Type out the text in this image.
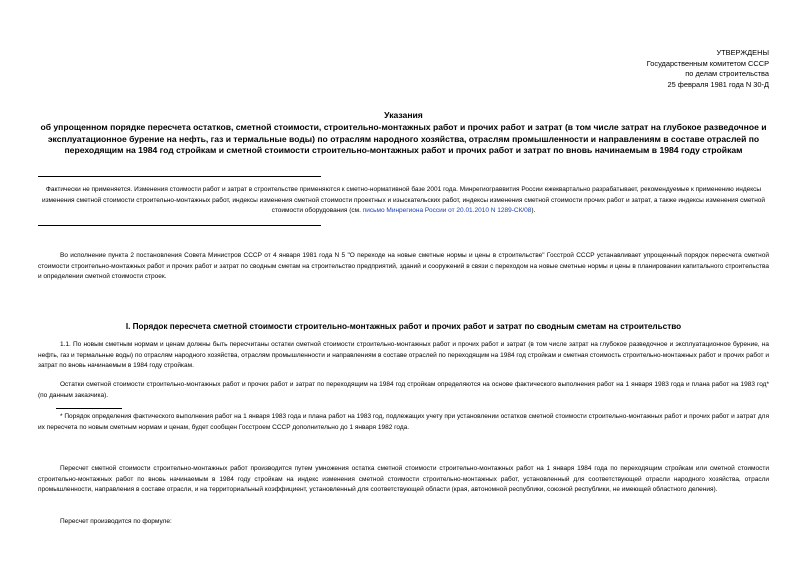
УТВЕРЖДЕНЫ
Государственным комитетом СССР
по делам строительства
25 февраля 1981 года N 30-Д
Указания
об упрощенном порядке пересчета остатков, сметной стоимости, строительно-монтажных работ и прочих работ и затрат (в том числе затрат на глубокое разведочное и эксплуатационное бурение на нефть, газ и термальные воды) по отраслям народного хозяйства, отраслям промышленности и направлениям в составе отраслей по переходящим на 1984 год стройкам и сметной стоимости строительно-монтажных работ и прочих работ и затрат по вновь начинаемым в 1984 году стройкам
Фактически не применяется. Изменения стоимости работ и затрат в строительстве применяются к сметно-нормативной базе 2001 года. Минрегиограввития России ежеквартально разрабатывает, рекомендуемые к применению индексы изменения сметной стоимости строительно-монтажных работ, индексы изменения сметной стоимости проектных и изыскательских работ, индексы изменения сметной стоимости прочих работ и затрат, а также индексы изменения сметной стоимости оборудования (см. письмо Минрегиона России от 20.01.2010 N 1289-СК/08).
Во исполнение пункта 2 постановления Совета Министров СССР от 4 января 1981 года N 5 "О переходе на новые сметные нормы и цены в строительстве" Госстрой СССР устанавливает упрощенный порядок пересчета сметной стоимости строительно-монтажных работ и прочих работ и затрат по сводным сметам на строительство предприятий, зданий и сооружений в связи с переходом на новые сметные нормы и цены в планировании капитального строительства и определении сметной стоимости строек.
I. Порядок пересчета сметной стоимости строительно-монтажных работ и прочих работ и затрат по сводным сметам на строительство
1.1. По новым сметным нормам и ценам должны быть пересчитаны остатки сметной стоимости строительно-монтажных работ и прочих работ и затрат (в том числе затрат на глубокое разведочное и эксплуатационное бурение, на нефть, газ и термальные воды) по отраслям народного хозяйства, отраслям промышленности и направлениям в составе отраслей по переходящим на 1984 год стройкам и сметная стоимость строительно-монтажных работ и прочих работ и затрат по вновь начинаемым в 1984 году стройкам.
Остатки сметной стоимости строительно-монтажных работ и прочих работ и затрат по переходящим на 1984 год стройкам определяются на основе фактического выполнения работ на 1 января 1983 года и плана работ на 1983 год* (по данным заказчика).
* Порядок определения фактического выполнения работ на 1 января 1983 года и плана работ на 1983 год, подлежащих учету при установлении остатков сметной стоимости строительно-монтажных работ и прочих работ и затрат для их пересчета по новым сметным нормам и ценам, будет сообщен Госстроем СССР дополнительно до 1 января 1982 года.
Пересчет сметной стоимости строительно-монтажных работ производится путем умножения остатка сметной стоимости строительно-монтажных работ на 1 января 1984 года по переходящим стройкам или сметной стоимости строительно-монтажных работ по вновь начинаемым в 1984 году стройкам на индекс изменения сметной стоимости строительно-монтажных работ, установленный для соответствующей отрасли народного хозяйства, отрасли промышленности, направления в составе отрасли, и на территориальный коэффициент, установленный для соответствующей области (края, автономной республики, союзной республики, не имеющей областного деления).
Пересчет производится по формуле:
